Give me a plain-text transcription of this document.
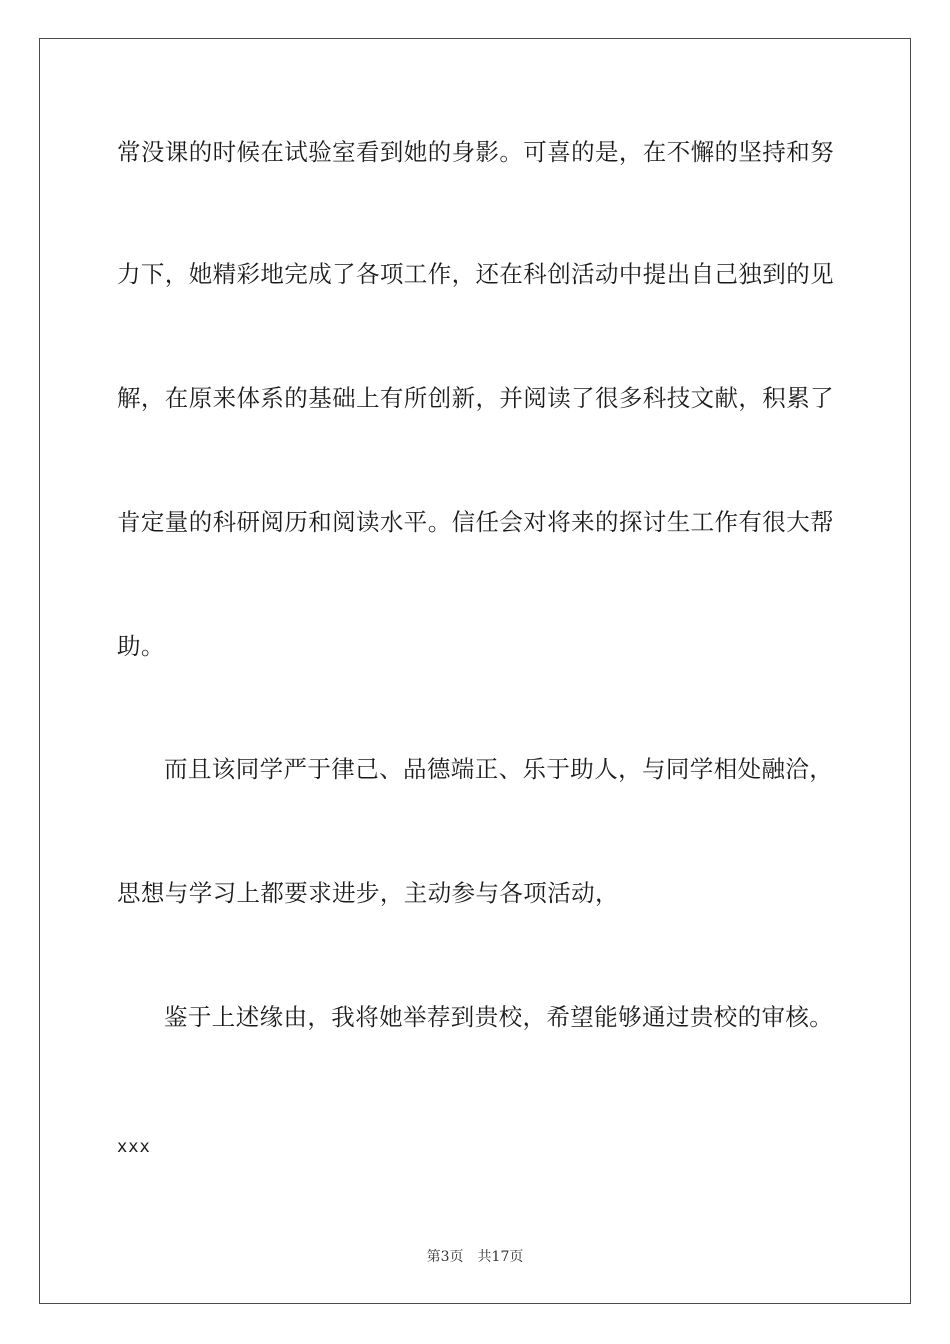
常没课的时候在试验室看到她的身影。可喜的是，在不懈的坚持和努
力下，她精彩地完成了各项工作，还在科创活动中提出自己独到的见
解，在原来体系的基础上有所创新，并阅读了很多科技文献，积累了
肯定量的科研阅历和阅读水平。信任会对将来的探讨生工作有很大帮
助。
而且该同学严于律己、品德端正、乐于助人，与同学相处融洽，
思想与学习上都要求进步，主动参与各项活动，
鉴于上述缘由，我将她举荐到贵校，希望能够通过贵校的审核。
xxx
第3页 共17页
